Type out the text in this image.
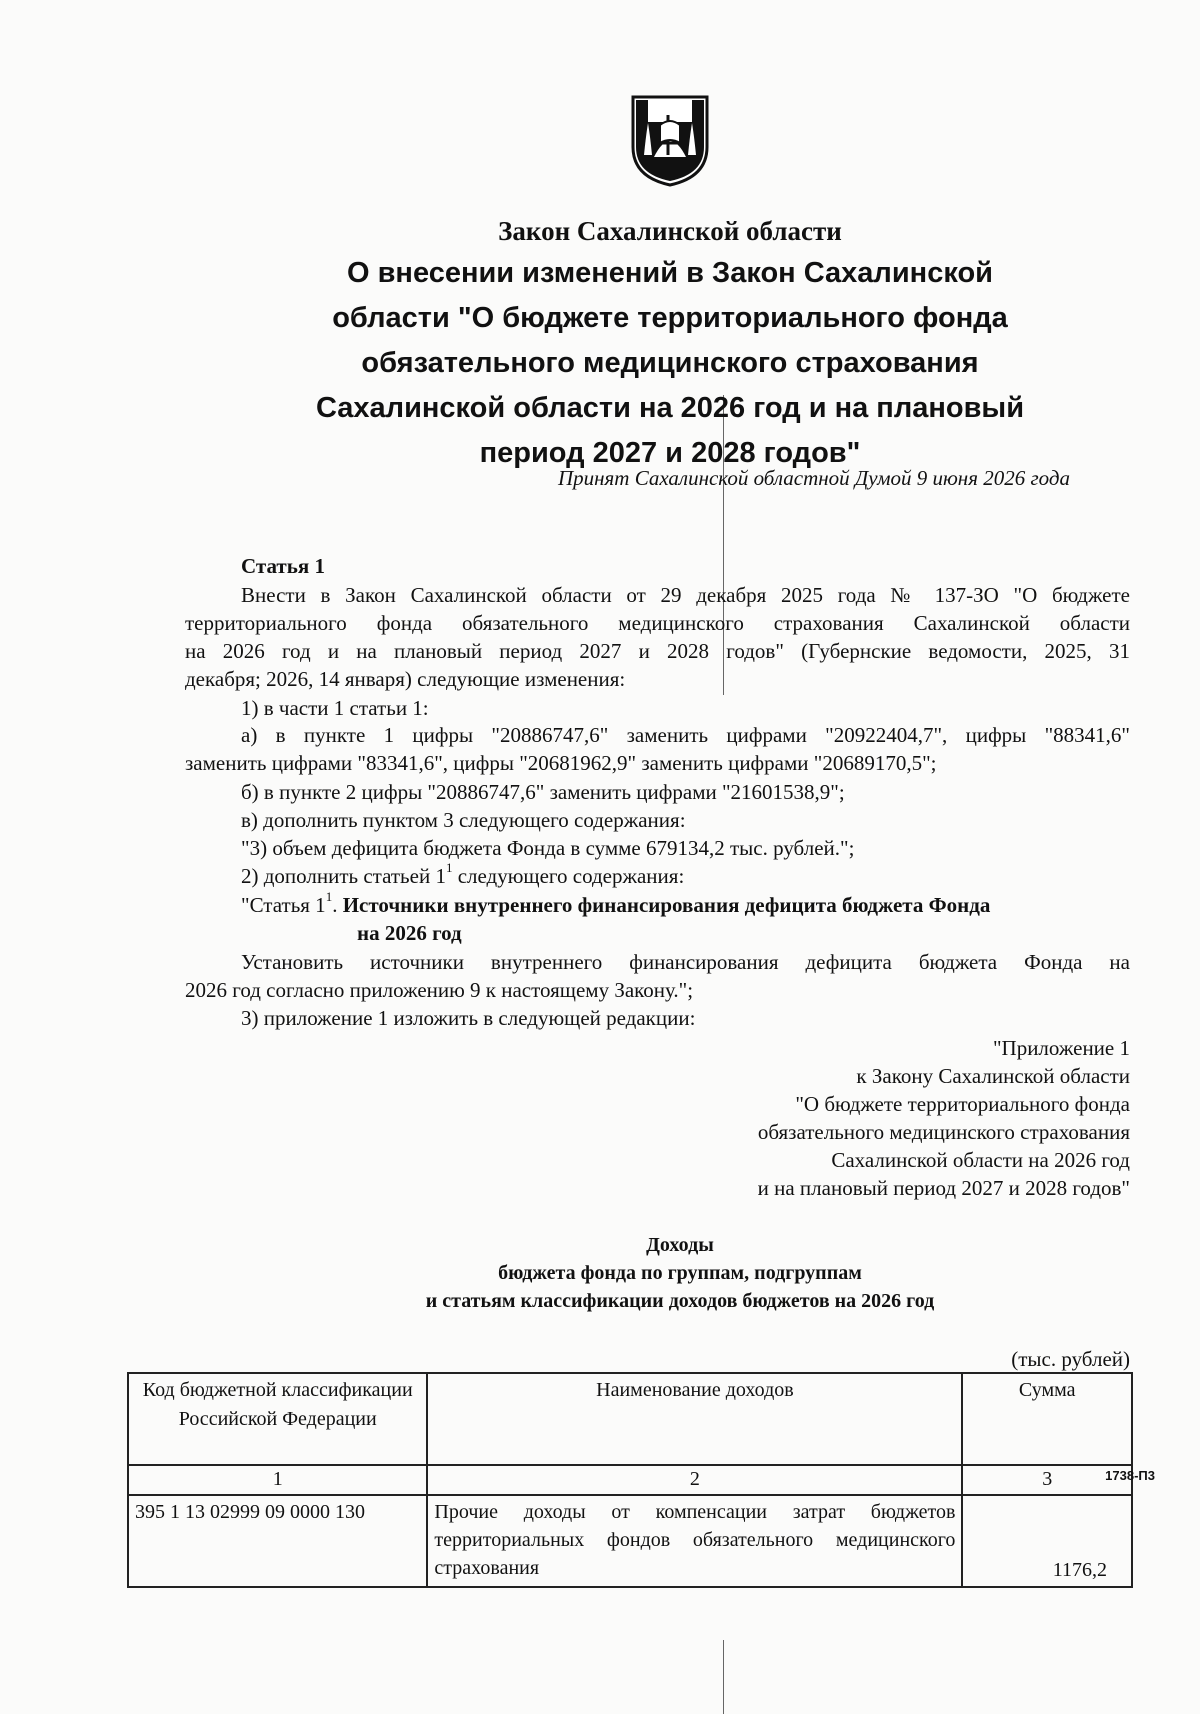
Закон Сахалинской области
О внесении изменений в Закон Сахалинской
области "О бюджете территориального фонда
обязательного медицинского страхования
Сахалинской области на 2026 год и на плановый
период 2027 и 2028 годов"
Принят Сахалинской областной Думой 9 июня 2026 года
Статья 1
Внести в Закон Сахалинской области от 29 декабря 2025 года № 137-ЗО "О бюджете
территориального фонда обязательного медицинского страхования Сахалинской области
на 2026 год и на плановый период 2027 и 2028 годов" (Губернские ведомости, 2025, 31
декабря; 2026, 14 января) следующие изменения:
1) в части 1 статьи 1:
а) в пункте 1 цифры "20886747,6" заменить цифрами "20922404,7", цифры "88341,6"
заменить цифрами "83341,6", цифры "20681962,9" заменить цифрами "20689170,5";
б) в пункте 2 цифры "20886747,6" заменить цифрами "21601538,9";
в) дополнить пунктом 3 следующего содержания:
"3) объем дефицита бюджета Фонда в сумме 679134,2 тыс. рублей.";
2) дополнить статьей $1^1$ следующего содержания:
"Статья $1^1$. Источники внутреннего финансирования дефицита бюджета Фонда
на 2026 год
Установить источники внутреннего финансирования дефицита бюджета Фонда на
2026 год согласно приложению 9 к настоящему Закону.";
3) приложение 1 изложить в следующей редакции:
"Приложение 1
к Закону Сахалинской области
"О бюджете территориального фонда
обязательного медицинского страхования
Сахалинской области на 2026 год
и на плановый период 2027 и 2028 годов"
Доходы
бюджета фонда по группам, подгруппам
и статьям классификации доходов бюджетов на 2026 год
(тыс. рублей)
Код бюджетной классификации Российской Федерации	Наименование доходов	Сумма
1	2	3
395 1 13 02999 09 0000 130	Прочие доходы от компенсации затрат бюджетов территориальных фондов обязательного медицинского страхования	1176,2
1738-П3
